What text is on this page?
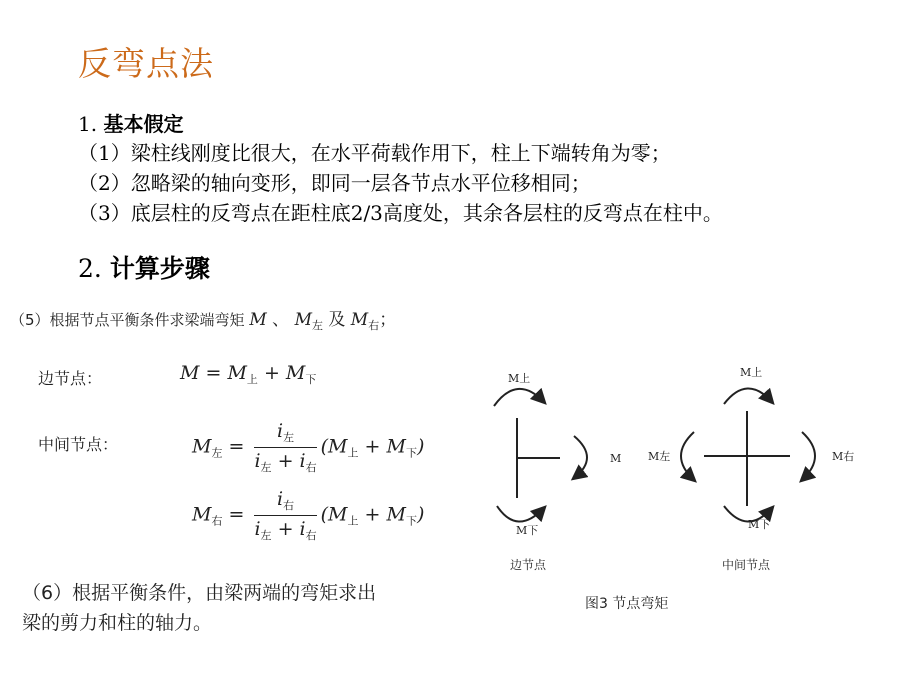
反弯点法
1. 基本假定
（1）梁柱线刚度比很大，在水平荷载作用下，柱上下端转角为零；
（2）忽略梁的轴向变形，即同一层各节点水平位移相同；
（3）底层柱的反弯点在距柱底2/3高度处，其余各层柱的反弯点在柱中。
2. 计算步骤
（5）根据节点平衡条件求梁端弯矩 M 、 $M_左$ 及 $M_右$；
边节点：	$M = M_上 + M_下$
中间节点：	$M_左 = \frac{i_左}{i_左 + i_右} (M_上 + M_下)$
$M_右 = \frac{i_右}{i_左 + i_右} (M_上 + M_下)$
（6）根据平衡条件，由梁两端的弯矩求出
梁的剪力和柱的轴力。
M上
M下
M
M上
M下
M左	M右
边节点	中间节点
图3 节点弯矩
